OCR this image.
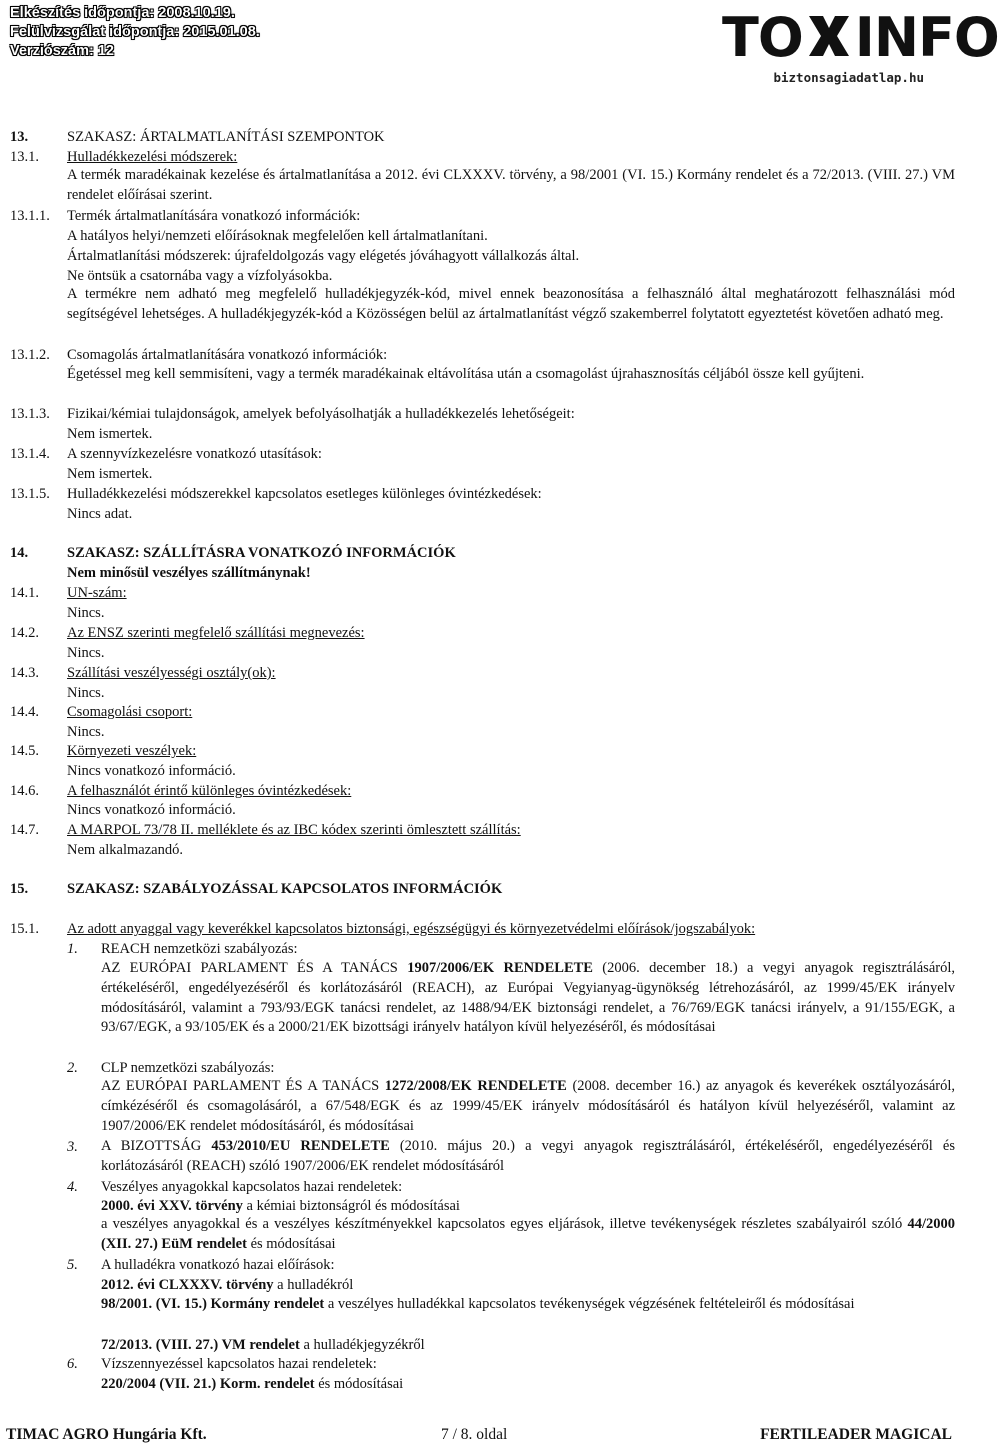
Elkészítés időpontja: 2008.10.19.
Felülvizsgálat időpontja: 2015.01.08.
Verziószám: 12	TO INFO
biztonsagiadatlap.hu
13.	SZAKASZ: ÁRTALMATLANÍTÁSI SZEMPONTOK
13.1. Hulladékkezelési módszerek:
A termék maradékainak kezelése és ártalmatlanítása a 2012. évi CLXXXV. törvény, a 98/2001 (VI. 15.) Kormány rendelet és a 72/2013. (VIII. 27.) VM rendelet előírásai szerint.
13.1.1. Termék ártalmatlanítására vonatkozó információk:
A hatályos helyi/nemzeti előírásoknak megfelelően kell ártalmatlanítani.
Ártalmatlanítási módszerek: újrafeldolgozás vagy elégetés jóváhagyott vállalkozás által.
Ne öntsük a csatornába vagy a vízfolyásokba.
A termékre nem adható meg megfelelő hulladékjegyzék-kód, mivel ennek beazonosítása a felhasználó által meghatározott felhasználási mód segítségével lehetséges. A hulladékjegyzék-kód a Közösségen belül az ártalmatlanítást végző szakemberrel folytatott egyeztetést követően adható meg.
13.1.2. Csomagolás ártalmatlanítására vonatkozó információk:
Égetéssel meg kell semmisíteni, vagy a termék maradékainak eltávolítása után a csomagolást újrahasznosítás céljából össze kell gyűjteni.
13.1.3. Fizikai/kémiai tulajdonságok, amelyek befolyásolhatják a hulladékkezelés lehetőségeit:
Nem ismertek.
13.1.4. A szennyvízkezelésre vonatkozó utasítások:
Nem ismertek.
13.1.5. Hulladékkezelési módszerekkel kapcsolatos esetleges különleges óvintézkedések:
Nincs adat.
14.	SZAKASZ: SZÁLLÍTÁSRA VONATKOZÓ INFORMÁCIÓK
Nem minősül veszélyes szállítmánynak!
14.1. UN-szám:
Nincs.
14.2. Az ENSZ szerinti megfelelő szállítási megnevezés:
Nincs.
14.3. Szállítási veszélyességi osztály(ok):
Nincs.
14.4. Csomagolási csoport:
Nincs.
14.5. Környezeti veszélyek:
Nincs vonatkozó információ.
14.6. A felhasználót érintő különleges óvintézkedések:
Nincs vonatkozó információ.
14.7. A MARPOL 73/78 II. melléklete és az IBC kódex szerinti ömlesztett szállítás:
Nem alkalmazandó.
15.	SZAKASZ: SZABÁLYOZÁSSAL KAPCSOLATOS INFORMÁCIÓK
15.1. Az adott anyaggal vagy keverékkel kapcsolatos biztonsági, egészségügyi és környezetvédelmi előírások/jogszabályok:
1. REACH nemzetközi szabályozás:
AZ EURÓPAI PARLAMENT ÉS A TANÁCS 1907/2006/EK RENDELETE (2006. december 18.) a vegyi anyagok regisztrálásáról, értékeléséről, engedélyezéséről és korlátozásáról (REACH), az Európai Vegyianyag-ügynökség létrehozásáról, az 1999/45/EK irányelv módosításáról, valamint a 793/93/EGK tanácsi rendelet, az 1488/94/EK biztonsági rendelet, a 76/769/EGK tanácsi irányelv, a 91/155/EGK, a 93/67/EGK, a 93/105/EK és a 2000/21/EK bizottsági irányelv hatályon kívül helyezéséről, és módosításai
2. CLP nemzetközi szabályozás:
AZ EURÓPAI PARLAMENT ÉS A TANÁCS 1272/2008/EK RENDELETE (2008. december 16.) az anyagok és keverékek osztályozásáról, címkézéséről és csomagolásáról, a 67/548/EGK és az 1999/45/EK irányelv módosításáról és hatályon kívül helyezéséről, valamint az 1907/2006/EK rendelet módosításáról, és módosításai
3. A BIZOTTSÁG 453/2010/EU RENDELETE (2010. május 20.) a vegyi anyagok regisztrálásáról, értékeléséről, engedélyezéséről és korlátozásáról (REACH) szóló 1907/2006/EK rendelet módosításáról
4. Veszélyes anyagokkal kapcsolatos hazai rendeletek:
2000. évi XXV. törvény a kémiai biztonságról és módosításai
a veszélyes anyagokkal és a veszélyes készítményekkel kapcsolatos egyes eljárások, illetve tevékenységek részletes szabályairól szóló 44/2000 (XII. 27.) EüM rendelet és módosításai
5. A hulladékra vonatkozó hazai előírások:
2012. évi CLXXXV. törvény a hulladékról
98/2001. (VI. 15.) Kormány rendelet a veszélyes hulladékkal kapcsolatos tevékenységek végzésének feltételeiről és módosításai
72/2013. (VIII. 27.) VM rendelet a hulladékjegyzékről
6. Vízszennyezéssel kapcsolatos hazai rendeletek:
220/2004 (VII. 21.) Korm. rendelet és módosításai
TIMAC AGRO Hungária Kft.	7 / 8. oldal	FERTILEADER MAGICAL
